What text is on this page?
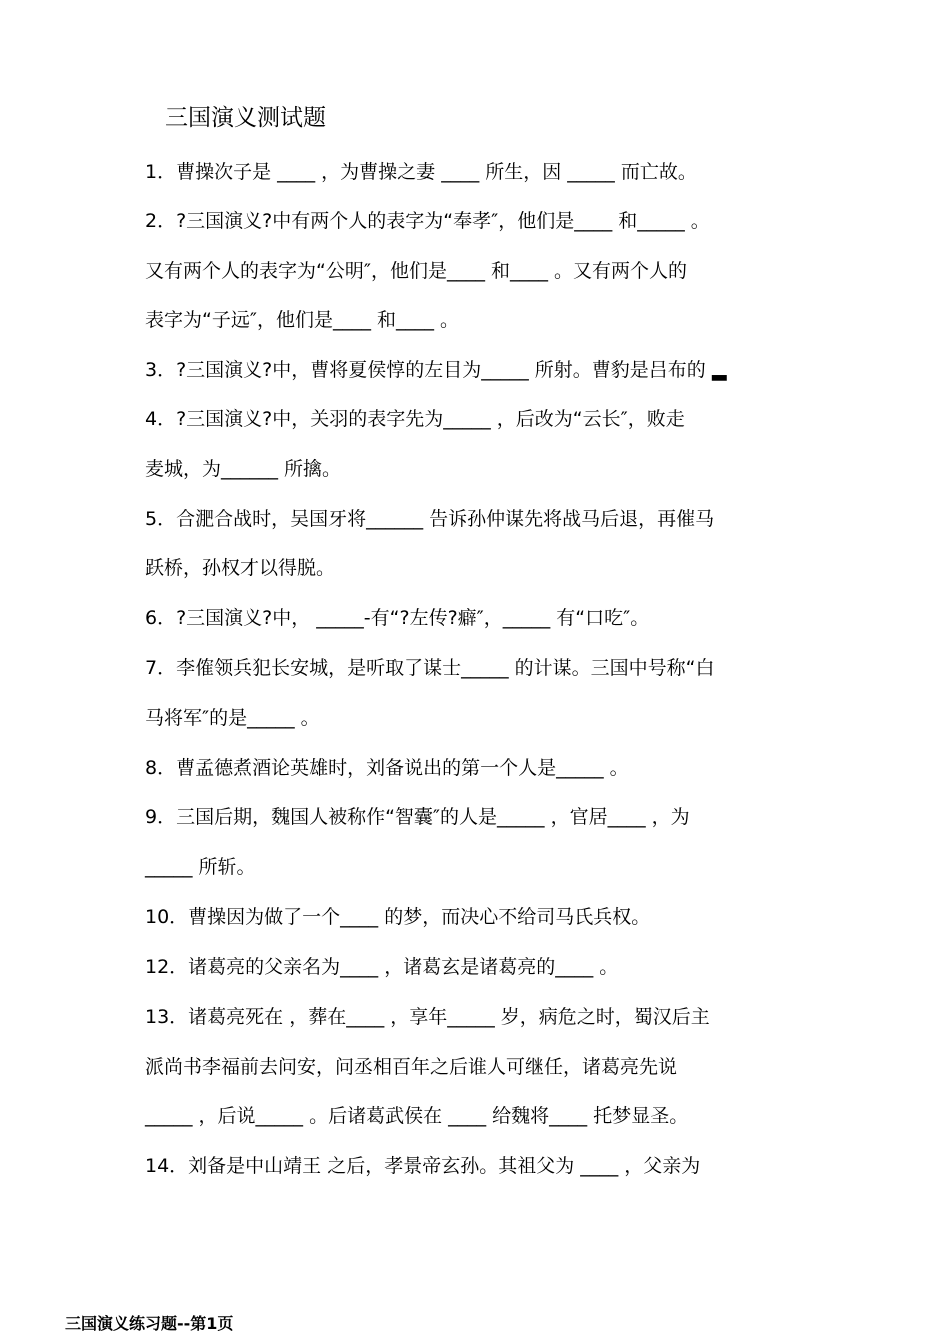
三国演义测试题
1．曹操次子是 ____ ，为曹操之妻 ____ 所生，因 _____ 而亡故。
2．?三国演义?中有两个人的表字为“奉孝″，他们是____ 和_____ 。
又有两个人的表字为“公明″，他们是____ 和____ 。又有两个人的
表字为“子远″，他们是____ 和____ 。
3．?三国演义?中，曹将夏侯惇的左目为_____ 所射。曹豹是吕布的 ▂
4．?三国演义?中，关羽的表字先为_____ ，后改为“云长″，败走
麦城，为______ 所擒。
5．合淝合战时，吴国牙将______ 告诉孙仲谋先将战马后退，再催马
跃桥，孙权才以得脱。
6．?三国演义?中， _____-有“?左传?癖″，_____ 有“口吃″。
7．李傕领兵犯长安城，是听取了谋士_____ 的计谋。三国中号称“白
马将军″的是_____ 。
8．曹孟德煮酒论英雄时，刘备说出的第一个人是_____ 。
9．三国后期，魏国人被称作“智囊″的人是_____ ，官居____ ，为
_____ 所斩。
10．曹操因为做了一个____ 的梦，而决心不给司马氏兵权。
12．诸葛亮的父亲名为____ ，诸葛玄是诸葛亮的____ 。
13．诸葛亮死在 ，葬在____ ，享年_____ 岁，病危之时，蜀汉后主
派尚书李福前去问安，问丞相百年之后谁人可继任，诸葛亮先说
_____ ，后说_____ 。后诸葛武侯在 ____ 给魏将____ 托梦显圣。
14．刘备是中山靖王 之后，孝景帝玄孙。其祖父为 ____ ，父亲为
三国演义练习题--第1页
